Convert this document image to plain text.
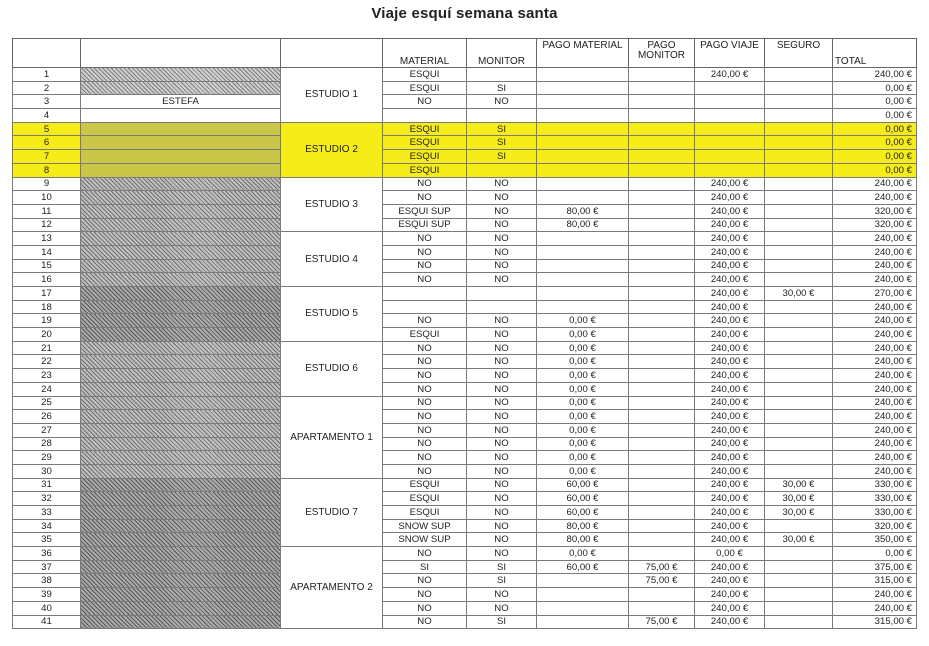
Viaje esquí semana santa
			MATERIAL	MONITOR	PAGO MATERIAL	PAGO
MONITOR	PAGO VIAJE	SEGURO	TOTAL
1		ESTUDIO 1	ESQUI				240,00 €		240,00 €
2			ESQUI	SI					0,00 €
3	ESTEFA		NO	NO					0,00 €
4									0,00 €
5		ESTUDIO 2	ESQUI	SI					0,00 €
6			ESQUI	SI					0,00 €
7			ESQUI	SI					0,00 €
8			ESQUI						0,00 €
9		ESTUDIO 3	NO	NO			240,00 €		240,00 €
10			NO	NO			240,00 €		240,00 €
11			ESQUI SUP	NO	80,00 €		240,00 €		320,00 €
12			ESQUI SUP	NO	80,00 €		240,00 €		320,00 €
13		ESTUDIO 4	NO	NO			240,00 €		240,00 €
14			NO	NO			240,00 €		240,00 €
15			NO	NO			240,00 €		240,00 €
16			NO	NO			240,00 €		240,00 €
17		ESTUDIO 5					240,00 €	30,00 €	270,00 €
18							240,00 €		240,00 €
19			NO	NO	0,00 €		240,00 €		240,00 €
20			ESQUI	NO	0,00 €		240,00 €		240,00 €
21		ESTUDIO 6	NO	NO	0,00 €		240,00 €		240,00 €
22			NO	NO	0,00 €		240,00 €		240,00 €
23			NO	NO	0,00 €		240,00 €		240,00 €
24			NO	NO	0,00 €		240,00 €		240,00 €
25		APARTAMENTO 1	NO	NO	0,00 €		240,00 €		240,00 €
26			NO	NO	0,00 €		240,00 €		240,00 €
27			NO	NO	0,00 €		240,00 €		240,00 €
28			NO	NO	0,00 €		240,00 €		240,00 €
29			NO	NO	0,00 €		240,00 €		240,00 €
30			NO	NO	0,00 €		240,00 €		240,00 €
31		ESTUDIO 7	ESQUI	NO	60,00 €		240,00 €	30,00 €	330,00 €
32			ESQUI	NO	60,00 €		240,00 €	30,00 €	330,00 €
33			ESQUI	NO	60,00 €		240,00 €	30,00 €	330,00 €
34			SNOW SUP	NO	80,00 €		240,00 €		320,00 €
35			SNOW SUP	NO	80,00 €		240,00 €	30,00 €	350,00 €
36		APARTAMENTO 2	NO	NO	0,00 €		0,00 €		0,00 €
37			SI	SI	60,00 €	75,00 €	240,00 €		375,00 €
38			NO	SI		75,00 €	240,00 €		315,00 €
39			NO	NO			240,00 €		240,00 €
40			NO	NO			240,00 €		240,00 €
41			NO	SI		75,00 €	240,00 €		315,00 €
